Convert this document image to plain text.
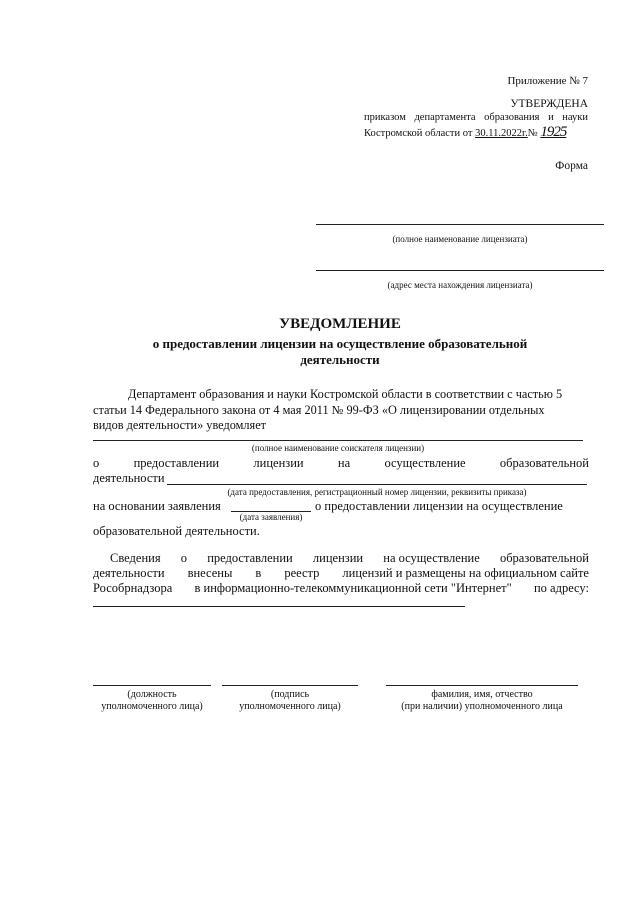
Приложение № 7
УТВЕРЖДЕНА
приказом департамента образования и науки
Костромской области от 30.11.2022г.№ 1925
Форма
(полное наименование лицензиата)
(адрес места нахождения лицензиата)
УВЕДОМЛЕНИЕ
о предоставлении лицензии на осуществление образовательной
деятельности
Департамент образования и науки Костромской области в соответствии с частью 5
статьи 14 Федерального закона от 4 мая 2011 № 99-ФЗ «О лицензировании отдельных
видов деятельности» уведомляет
(полное наименование соискателя лицензии)
о	предоставлении	лицензии	на	осуществление	образовательной
деятельности
(дата предоставления, регистрационный номер лицензии, реквизиты приказа)
на основании заявления	о предоставлении лицензии на осуществление
(дата заявления)
образовательной деятельности.
Сведения о предоставлении лицензии на осуществление образовательной
деятельности внесены в реестр лицензий и размещены на официальном сайте
Рособрнадзора в информационно-телекоммуникационной сети "Интернет" по адресу:
(должность
уполномоченного лица)
(подпись
уполномоченного лица)
фамилия, имя, отчество
(при наличии) уполномоченного лица
